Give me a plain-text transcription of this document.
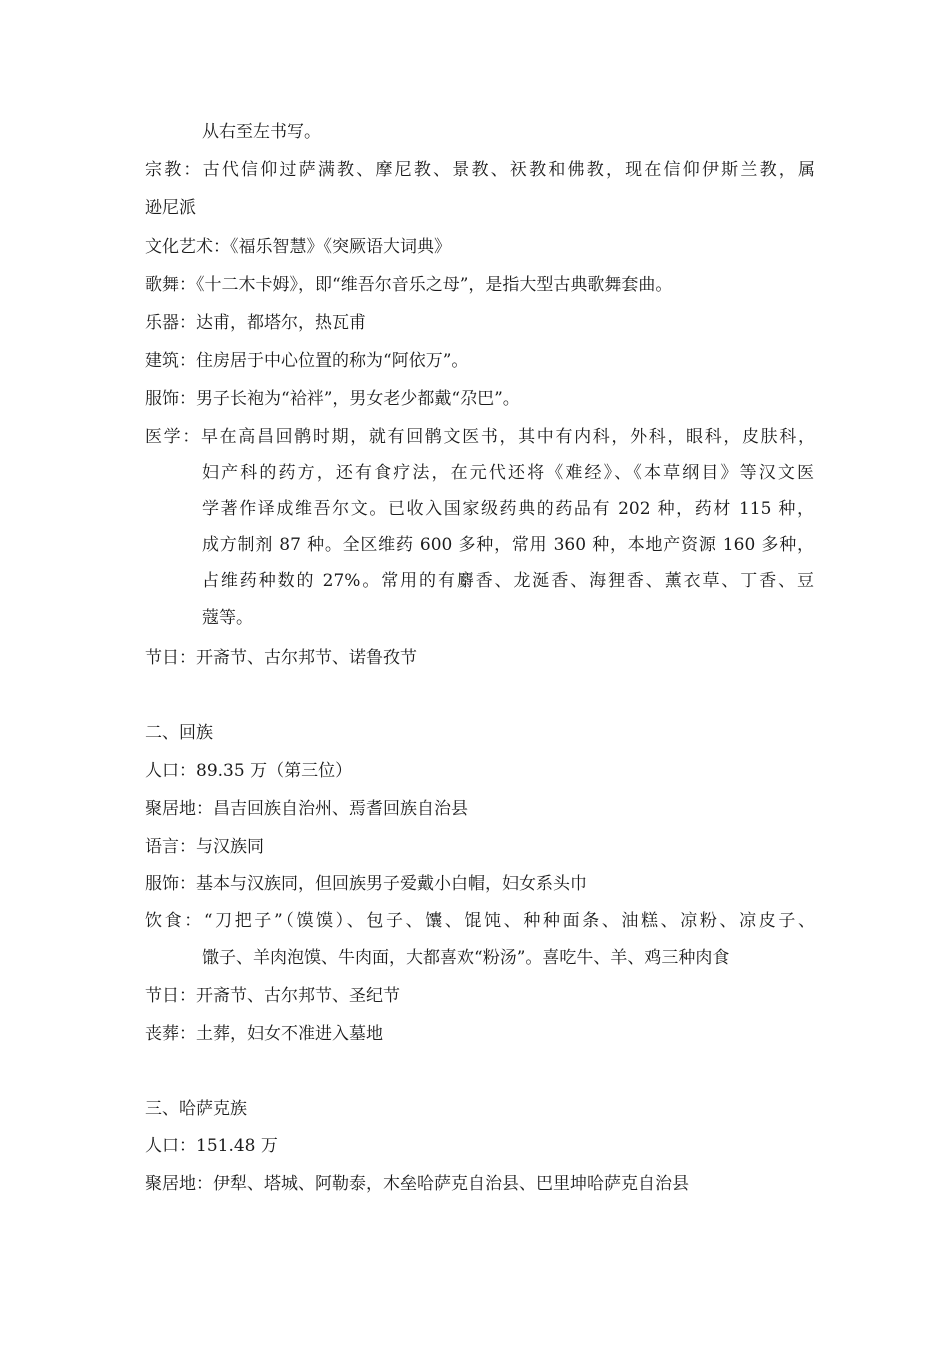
从右至左书写。
宗教：古代信仰过萨满教、摩尼教、景教、祆教和佛教，现在信仰伊斯兰教，属
逊尼派
文化艺术：《福乐智慧》《突厥语大词典》
歌舞：《十二木卡姆》，即“维吾尔音乐之母”，是指大型古典歌舞套曲。
乐器：达甫，都塔尔，热瓦甫
建筑：住房居于中心位置的称为“阿依万”。
服饰：男子长袍为“袷袢”，男女老少都戴“尕巴”。
医学：早在高昌回鹘时期，就有回鹘文医书，其中有内科，外科，眼科，皮肤科，
妇产科的药方，还有食疗法，在元代还将《难经》、《本草纲目》等汉文医
学著作译成维吾尔文。已收入国家级药典的药品有 202 种，药材 115 种，
成方制剂 87 种。全区维药 600 多种，常用 360 种，本地产资源 160 多种，
占维药种数的 27%。常用的有麝香、龙涎香、海狸香、薰衣草、丁香、豆
蔻等。
节日：开斋节、古尔邦节、诺鲁孜节
二、回族
人口：89.35 万（第三位）
聚居地：昌吉回族自治州、焉耆回族自治县
语言：与汉族同
服饰：基本与汉族同，但回族男子爱戴小白帽，妇女系头巾
饮食：“刀把子”（馍馍）、包子、馕、馄饨、种种面条、油糕、凉粉、凉皮子、
馓子、羊肉泡馍、牛肉面，大都喜欢“粉汤”。喜吃牛、羊、鸡三种肉食
节日：开斋节、古尔邦节、圣纪节
丧葬：土葬，妇女不准进入墓地
三、哈萨克族
人口：151.48 万
聚居地：伊犁、塔城、阿勒泰，木垒哈萨克自治县、巴里坤哈萨克自治县
